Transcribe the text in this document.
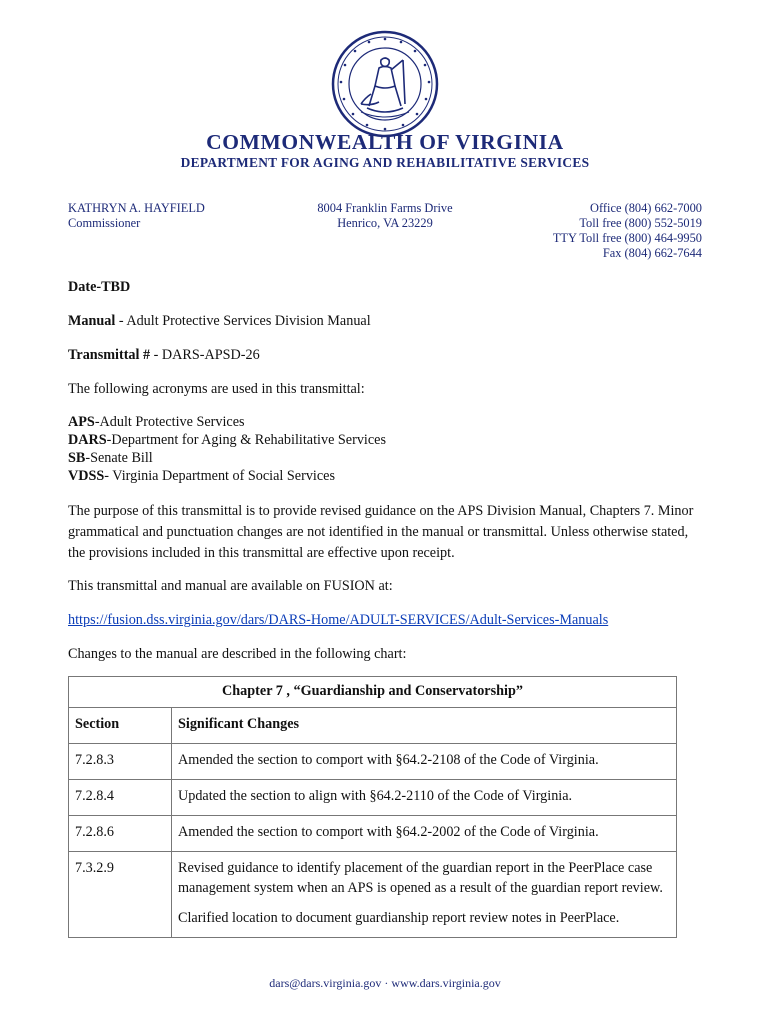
COMMONWEALTH OF VIRGINIA
DEPARTMENT FOR AGING AND REHABILITATIVE SERVICES
KATHRYN A. HAYFIELD
Commissioner
8004 Franklin Farms Drive
Henrico, VA 23229
Office (804) 662-7000
Toll free (800) 552-5019
TTY Toll free (800) 464-9950
Fax (804) 662-7644
Date-TBD
Manual - Adult Protective Services Division Manual
Transmittal # - DARS-APSD-26
The following acronyms are used in this transmittal:
APS-Adult Protective Services
DARS-Department for Aging & Rehabilitative Services
SB-Senate Bill
VDSS- Virginia Department of Social Services
The purpose of this transmittal is to provide revised guidance on the APS Division Manual, Chapters 7. Minor grammatical and punctuation changes are not identified in the manual or transmittal. Unless otherwise stated, the provisions included in this transmittal are effective upon receipt.
This transmittal and manual are available on FUSION at:
https://fusion.dss.virginia.gov/dars/DARS-Home/ADULT-SERVICES/Adult-Services-Manuals
Changes to the manual are described in the following chart:
Chapter 7 , “Guardianship and Conservatorship”	
Section	Significant Changes
7.2.8.3	Amended the section to comport with §64.2-2108 of the Code of Virginia.
7.2.8.4	Updated the section to align with §64.2-2110 of the Code of Virginia.
7.2.8.6	Amended the section to comport with §64.2-2002 of the Code of Virginia.
7.3.2.9	Revised guidance to identify placement of the guardian report in the PeerPlace case management system when an APS is opened as a result of the guardian report review.
Clarified location to document guardianship report review notes in PeerPlace.
dars@dars.virginia.gov · www.dars.virginia.gov
